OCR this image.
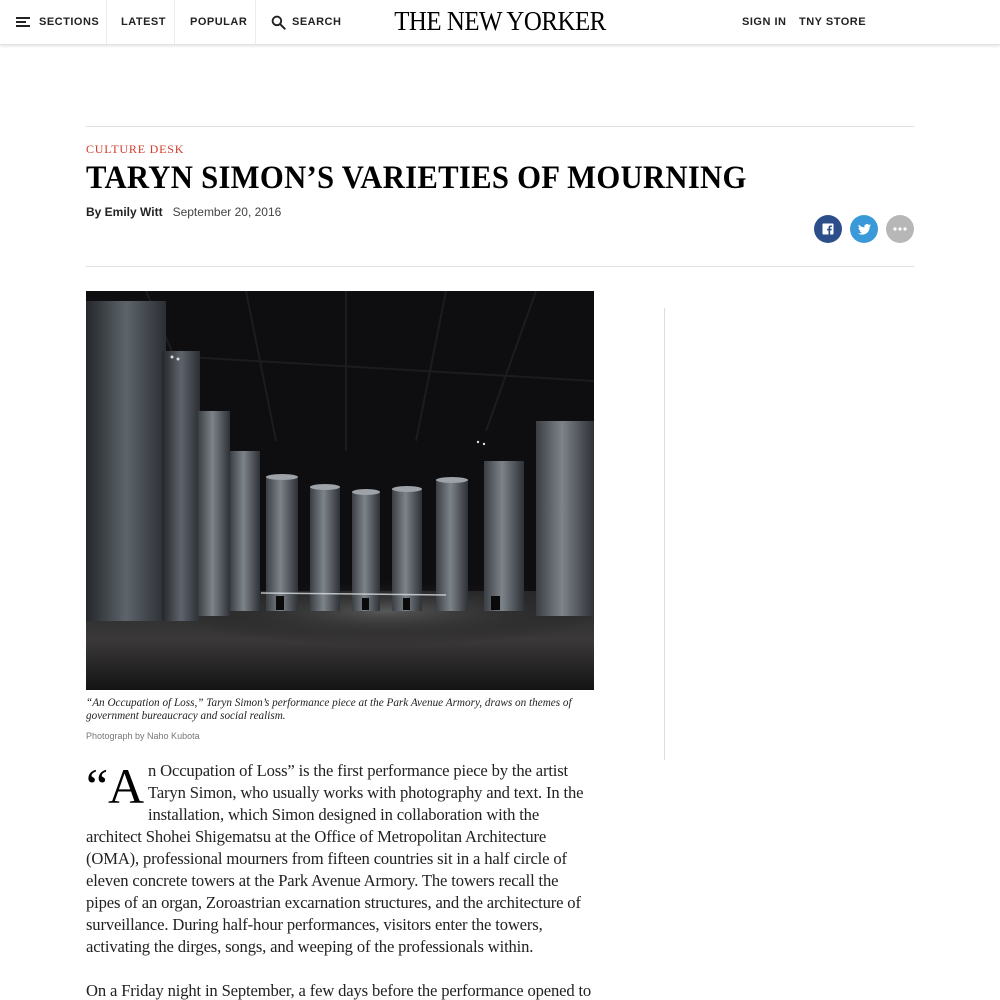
SECTIONS LATEST POPULAR	SEARCH	THE NEW YORKER	SIGN IN TNY STORE
CULTURE DESK
TARYN SIMON’S VARIETIES OF MOURNING
By Emily Witt September 20, 2016
“An Occupation of Loss,” Taryn Simon’s performance piece at the Park Avenue Armory, draws on themes of government bureaucracy and social realism.
Photograph by Naho Kubota

“An Occupation of Loss” is the first performance piece by the artist Taryn Simon, who usually works with photography and text. In the installation, which Simon designed in collaboration with the architect Shohei Shigematsu at the Office of Metropolitan Architecture (OMA), professional mourners from fifteen countries sit in a half circle of eleven concrete towers at the Park Avenue Armory. The towers recall the pipes of an organ, Zoroastrian excarnation structures, and the architecture of surveillance. During half-hour performances, visitors enter the towers, activating the dirges, songs, and weeping of the professionals within.

On a Friday night in September, a few days before the performance opened to
